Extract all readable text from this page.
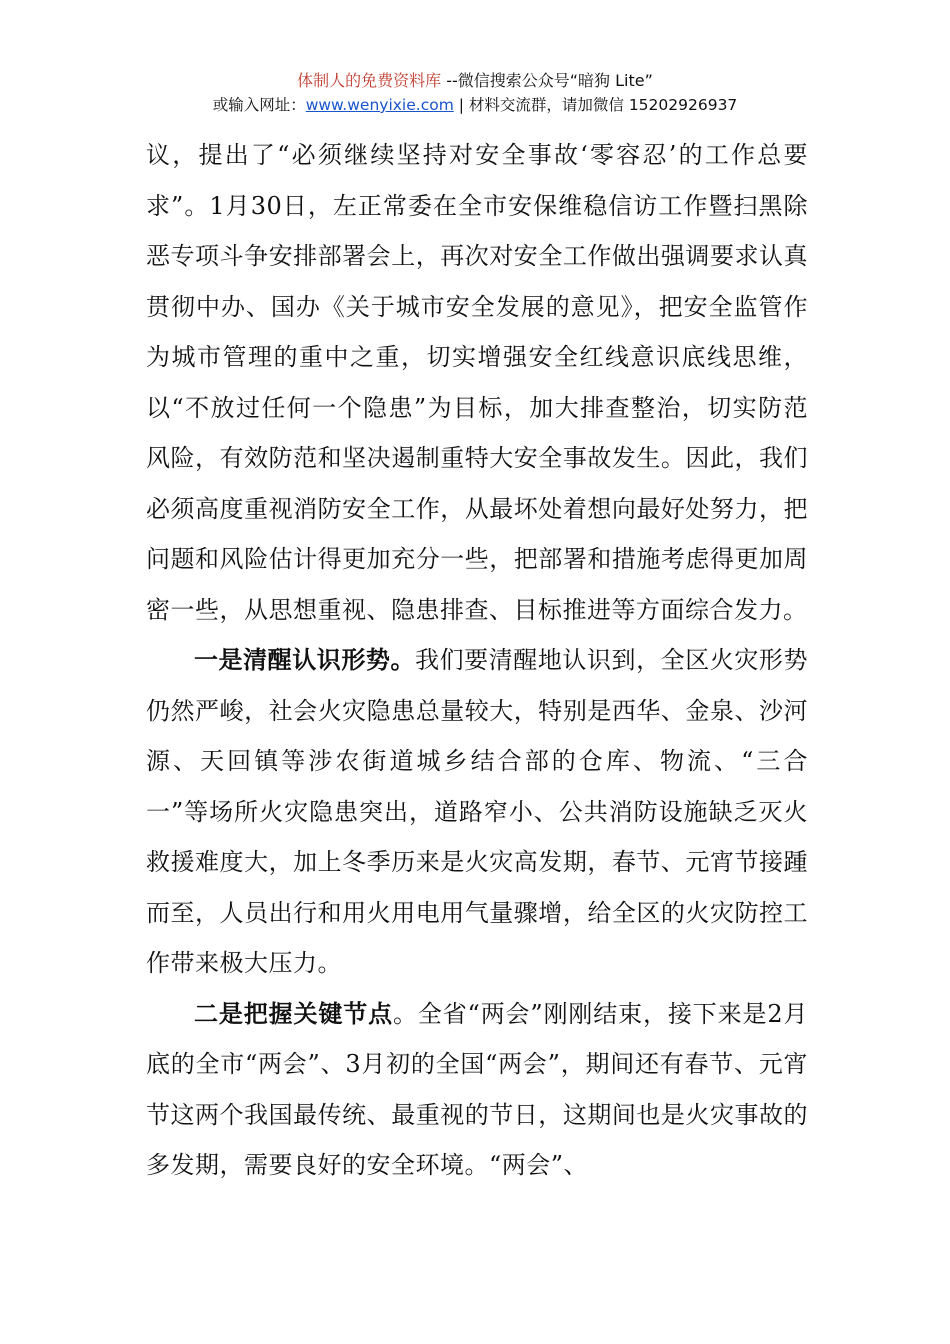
体制人的免费资料库 --微信搜索公众号“暗狗 Lite”
或输入网址：www.wenyixie.com | 材料交流群，请加微信 15202926937

议，提出了“必须继续坚持对安全事故‘零容忍’的工作总要求”。1月30日，左正常委在全市安保维稳信访工作暨扫黑除恶专项斗争安排部署会上，再次对安全工作做出强调要求认真贯彻中办、国办《关于城市安全发展的意见》，把安全监管作为城市管理的重中之重，切实增强安全红线意识底线思维，以“不放过任何一个隐患”为目标，加大排查整治，切实防范风险，有效防范和坚决遏制重特大安全事故发生。因此，我们必须高度重视消防安全工作，从最坏处着想向最好处努力，把问题和风险估计得更加充分一些，把部署和措施考虑得更加周密一些，从思想重视、隐患排查、目标推进等方面综合发力。

一是清醒认识形势。我们要清醒地认识到，全区火灾形势仍然严峻，社会火灾隐患总量较大，特别是西华、金泉、沙河源、天回镇等涉农街道城乡结合部的仓库、物流、“三合一”等场所火灾隐患突出，道路窄小、公共消防设施缺乏灭火救援难度大，加上冬季历来是火灾高发期，春节、元宵节接踵而至，人员出行和用火用电用气量骤增，给全区的火灾防控工作带来极大压力。

二是把握关键节点。全省“两会”刚刚结束，接下来是2月底的全市“两会”、3月初的全国“两会”，期间还有春节、元宵节这两个我国最传统、最重视的节日，这期间也是火灾事故的多发期，需要良好的安全环境。“两会”、
